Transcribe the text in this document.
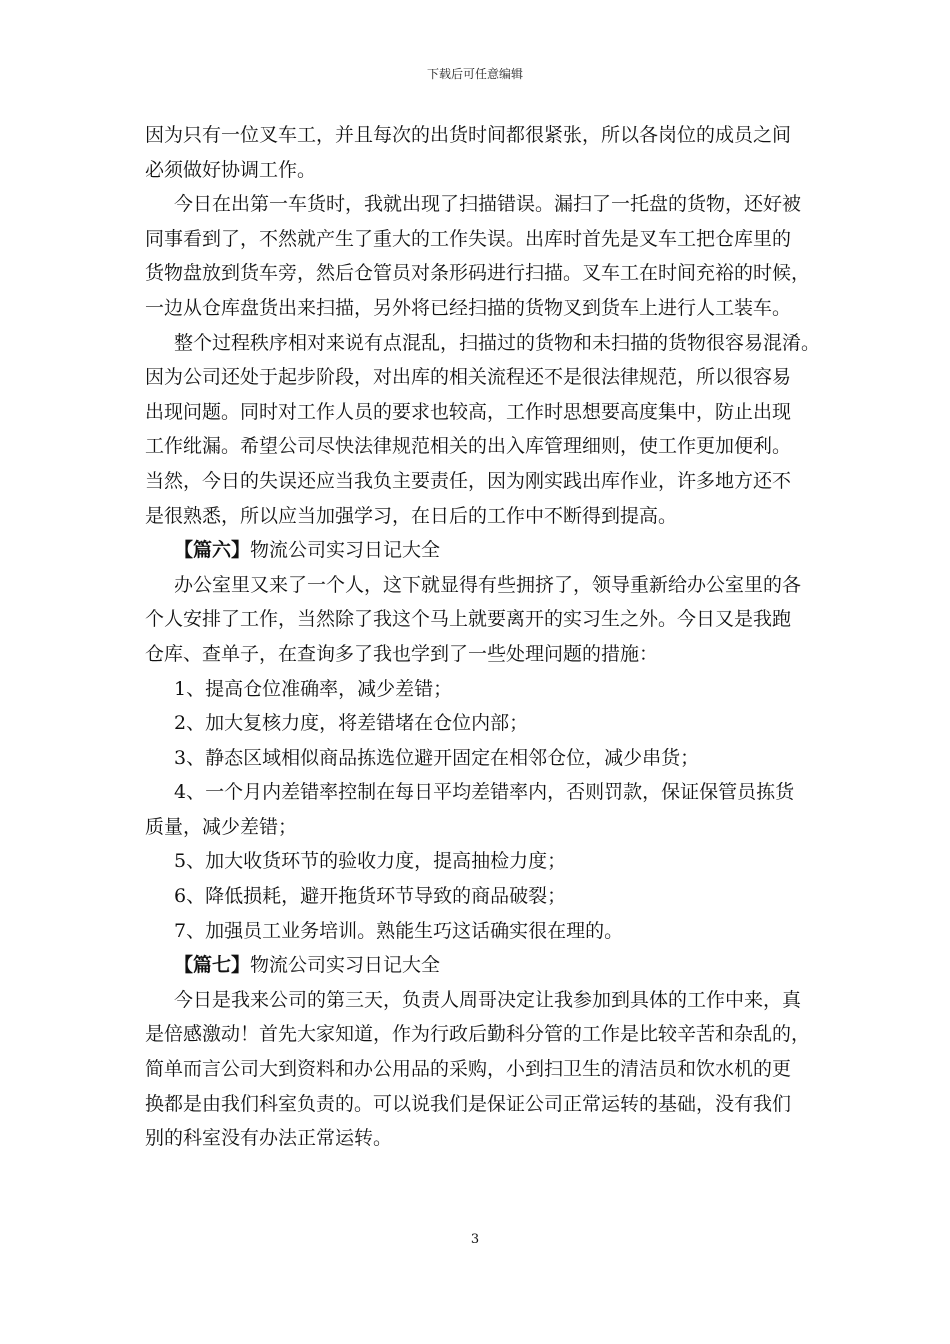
下载后可任意编辑
因为只有一位叉车工，并且每次的出货时间都很紧张，所以各岗位的成员之间
必须做好协调工作。
今日在出第一车货时，我就出现了扫描错误。漏扫了一托盘的货物，还好被
同事看到了，不然就产生了重大的工作失误。出库时首先是叉车工把仓库里的
货物盘放到货车旁，然后仓管员对条形码进行扫描。叉车工在时间充裕的时候，
一边从仓库盘货出来扫描，另外将已经扫描的货物叉到货车上进行人工装车。
整个过程秩序相对来说有点混乱，扫描过的货物和未扫描的货物很容易混淆。
因为公司还处于起步阶段，对出库的相关流程还不是很法律规范，所以很容易
出现问题。同时对工作人员的要求也较高，工作时思想要高度集中，防止出现
工作纰漏。希望公司尽快法律规范相关的出入库管理细则，使工作更加便利。
当然，今日的失误还应当我负主要责任，因为刚实践出库作业，许多地方还不
是很熟悉，所以应当加强学习，在日后的工作中不断得到提高。
【篇六】物流公司实习日记大全
办公室里又来了一个人，这下就显得有些拥挤了，领导重新给办公室里的各
个人安排了工作，当然除了我这个马上就要离开的实习生之外。今日又是我跑
仓库、查单子，在查询多了我也学到了一些处理问题的措施：
1、提高仓位准确率，减少差错；
2、加大复核力度，将差错堵在仓位内部；
3、静态区域相似商品拣选位避开固定在相邻仓位，减少串货；
4、一个月内差错率控制在每日平均差错率内，否则罚款，保证保管员拣货
质量，减少差错；
5、加大收货环节的验收力度，提高抽检力度；
6、降低损耗，避开拖货环节导致的商品破裂；
7、加强员工业务培训。熟能生巧这话确实很在理的。
【篇七】物流公司实习日记大全
今日是我来公司的第三天，负责人周哥决定让我参加到具体的工作中来，真
是倍感激动！首先大家知道，作为行政后勤科分管的工作是比较辛苦和杂乱的，
简单而言公司大到资料和办公用品的采购，小到扫卫生的清洁员和饮水机的更
换都是由我们科室负责的。可以说我们是保证公司正常运转的基础，没有我们
别的科室没有办法正常运转。
3
